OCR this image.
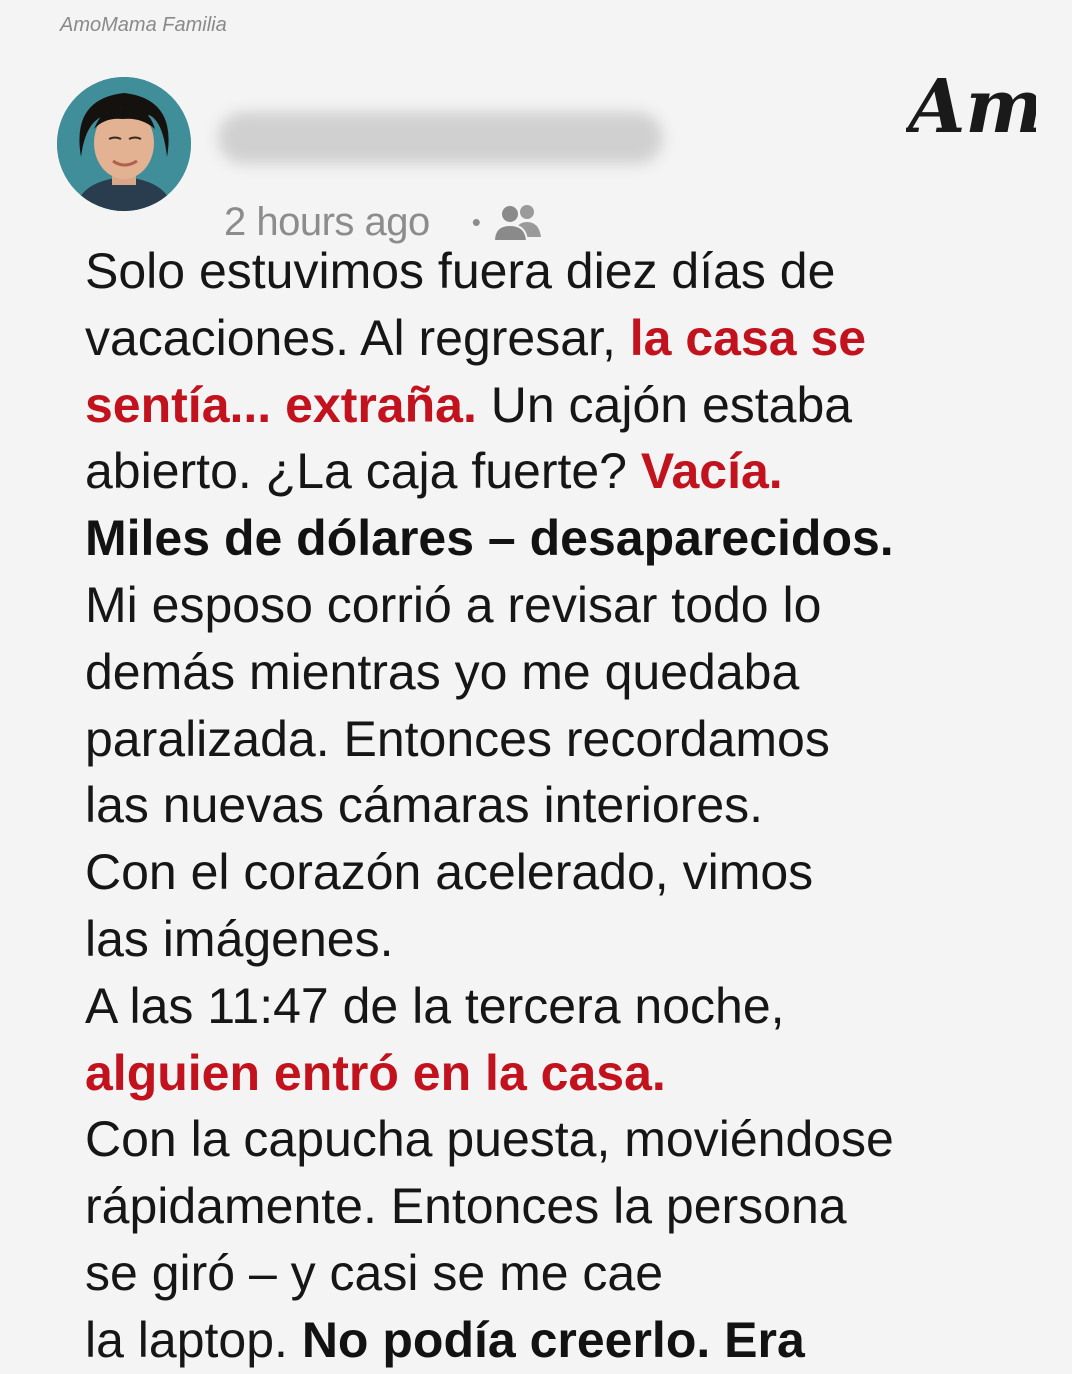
AmoMama Familia
Am
2 hours ago •
Solo estuvimos fuera diez días de
vacaciones. Al regresar, la casa se
sentía... extraña. Un cajón estaba
abierto. ¿La caja fuerte? Vacía.
Miles de dólares – desaparecidos.
Mi esposo corrió a revisar todo lo
demás mientras yo me quedaba
paralizada. Entonces recordamos
las nuevas cámaras interiores.
Con el corazón acelerado, vimos
las imágenes.
A las 11:47 de la tercera noche,
alguien entró en la casa.
Con la capucha puesta, moviéndose
rápidamente. Entonces la persona
se giró – y casi se me cae
la laptop. No podía creerlo. Era
